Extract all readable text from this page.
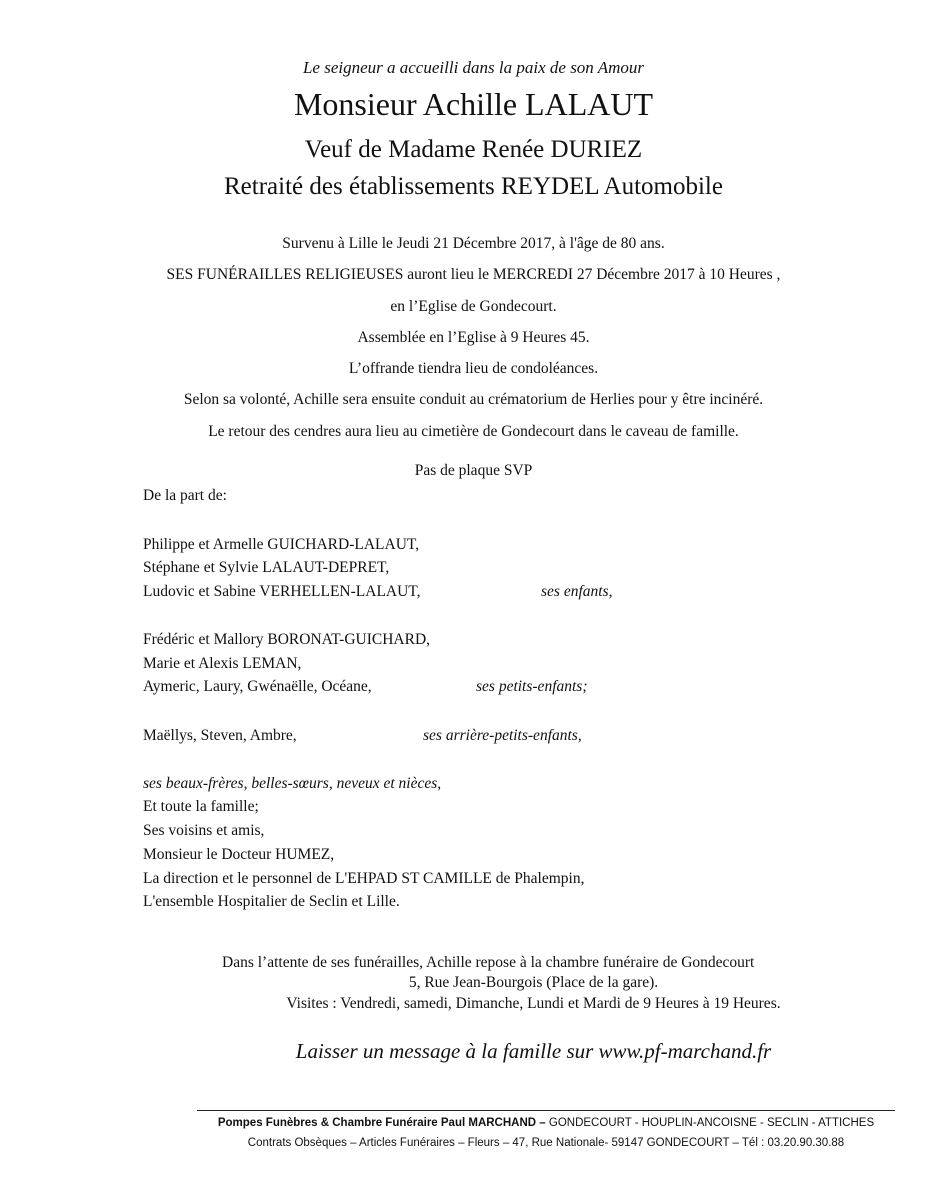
Le seigneur a accueilli dans la paix de son Amour
Monsieur Achille LALAUT
Veuf de Madame Renée DURIEZ
Retraité des établissements REYDEL Automobile
Survenu à Lille le Jeudi 21 Décembre 2017, à l'âge de 80 ans.
SES FUNÉRAILLES RELIGIEUSES auront lieu le MERCREDI 27 Décembre 2017 à 10 Heures ,
en l’Eglise de Gondecourt.
Assemblée en l’Eglise à 9 Heures 45.
L’offrande tiendra lieu de condoléances.
Selon sa volonté, Achille sera ensuite conduit au crématorium de Herlies pour y être incinéré.
Le retour des cendres aura lieu au cimetière de Gondecourt dans le caveau de famille.
Pas de plaque SVP
De la part de:
Philippe et Armelle GUICHARD-LALAUT,
Stéphane et Sylvie LALAUT-DEPRET,
Ludovic et Sabine VERHELLEN-LALAUT,	ses enfants,
Frédéric et Mallory BORONAT-GUICHARD,
Marie et Alexis LEMAN,
Aymeric, Laury, Gwénaëlle, Océane,	ses petits-enfants;
Maëllys, Steven, Ambre,	ses arrière-petits-enfants,
ses beaux-frères, belles-sœurs, neveux et nièces,
Et toute la famille;
Ses voisins et amis,
Monsieur le Docteur HUMEZ,
La direction et le personnel de L'EHPAD ST CAMILLE de Phalempin,
L'ensemble Hospitalier de Seclin et Lille.
Dans l’attente de ses funérailles, Achille repose à la chambre funéraire de Gondecourt
5, Rue Jean-Bourgois (Place de la gare).
Visites : Vendredi, samedi, Dimanche, Lundi et Mardi de 9 Heures à 19 Heures.
Laisser un message à la famille sur www.pf-marchand.fr
Pompes Funèbres & Chambre Funéraire Paul MARCHAND – GONDECOURT - HOUPLIN-ANCOISNE - SECLIN - ATTICHES
Contrats Obsèques – Articles Funéraires – Fleurs – 47, Rue Nationale- 59147 GONDECOURT – Tél : 03.20.90.30.88
